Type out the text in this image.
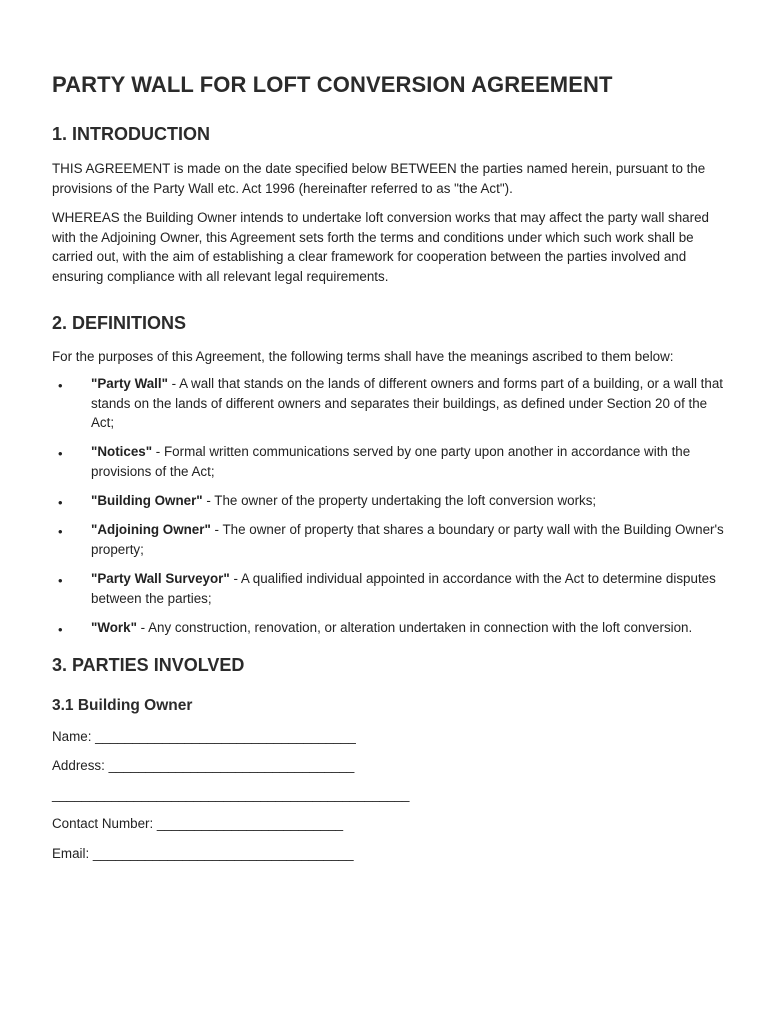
PARTY WALL FOR LOFT CONVERSION AGREEMENT
1. INTRODUCTION

THIS AGREEMENT is made on the date specified below BETWEEN the parties named herein, pursuant to the provisions of the Party Wall etc. Act 1996 (hereinafter referred to as "the Act").

WHEREAS the Building Owner intends to undertake loft conversion works that may affect the party wall shared with the Adjoining Owner, this Agreement sets forth the terms and conditions under which such work shall be carried out, with the aim of establishing a clear framework for cooperation between the parties involved and ensuring compliance with all relevant legal requirements.

2. DEFINITIONS

For the purposes of this Agreement, the following terms shall have the meanings ascribed to them below:

• "Party Wall" - A wall that stands on the lands of different owners and forms part of a building, or a wall that stands on the lands of different owners and separates their buildings, as defined under Section 20 of the Act;
• "Notices" - Formal written communications served by one party upon another in accordance with the provisions of the Act;
• "Building Owner" - The owner of the property undertaking the loft conversion works;
• "Adjoining Owner" - The owner of property that shares a boundary or party wall with the Building Owner's property;
• "Party Wall Surveyor" - A qualified individual appointed in accordance with the Act to determine disputes between the parties;
• "Work" - Any construction, renovation, or alteration undertaken in connection with the loft conversion.
3. PARTIES INVOLVED
3.1 Building Owner
Name: ___________________________________
Address: _________________________________
________________________________________________
Contact Number: _________________________
Email: ___________________________________
